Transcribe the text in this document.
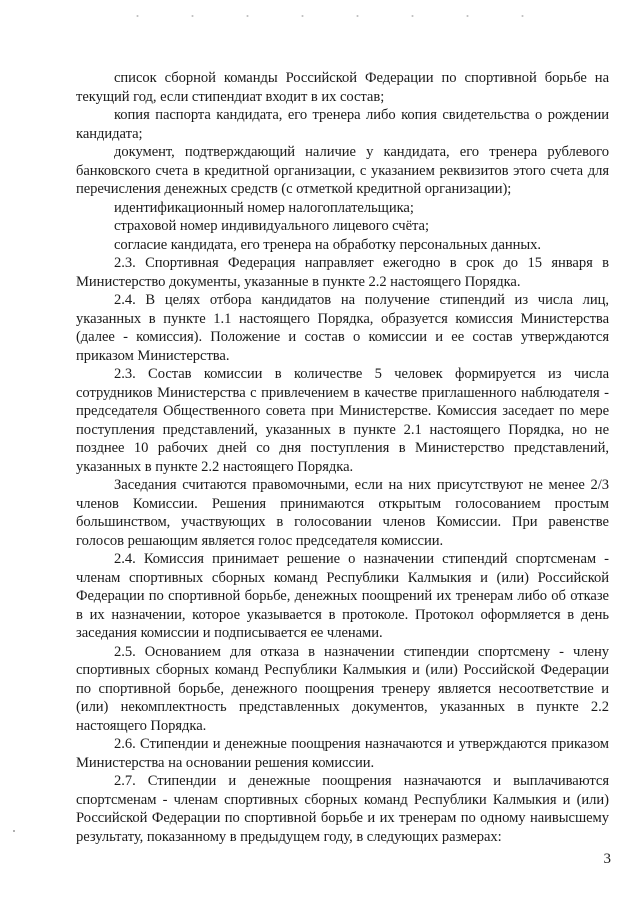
список сборной команды Российской Федерации по спортивной борьбе на текущий год, если стипендиат входит в их состав;

копия паспорта кандидата, его тренера либо копия свидетельства о рождении кандидата;

документ, подтверждающий наличие у кандидата, его тренера рублевого банковского счета в кредитной организации, с указанием реквизитов этого счета для перечисления денежных средств (с отметкой кредитной организации);

идентификационный номер налогоплательщика;

страховой номер индивидуального лицевого счёта;

согласие кандидата, его тренера на обработку персональных данных.

2.3. Спортивная Федерация направляет ежегодно в срок до 15 января в Министерство документы, указанные в пункте 2.2 настоящего Порядка.

2.4. В целях отбора кандидатов на получение стипендий из числа лиц, указанных в пункте 1.1 настоящего Порядка, образуется комиссия Министерства (далее - комиссия). Положение и состав о комиссии и ее состав утверждаются приказом Министерства.

2.3. Состав комиссии в количестве 5 человек формируется из числа сотрудников Министерства с привлечением в качестве приглашенного наблюдателя - председателя Общественного совета при Министерстве. Комиссия заседает по мере поступления представлений, указанных в пункте 2.1 настоящего Порядка, но не позднее 10 рабочих дней со дня поступления в Министерство представлений, указанных в пункте 2.2 настоящего Порядка.

Заседания считаются правомочными, если на них присутствуют не менее 2/3 членов Комиссии. Решения принимаются открытым голосованием простым большинством, участвующих в голосовании членов Комиссии. При равенстве голосов решающим является голос председателя комиссии.

2.4. Комиссия принимает решение о назначении стипендий спортсменам - членам спортивных сборных команд Республики Калмыкия и (или) Российской Федерации по спортивной борьбе, денежных поощрений их тренерам либо об отказе в их назначении, которое указывается в протоколе. Протокол оформляется в день заседания комиссии и подписывается ее членами.

2.5. Основанием для отказа в назначении стипендии спортсмену - члену спортивных сборных команд Республики Калмыкия и (или) Российской Федерации по спортивной борьбе, денежного поощрения тренеру является несоответствие и (или) некомплектность представленных документов, указанных в пункте 2.2 настоящего Порядка.

2.6. Стипендии и денежные поощрения назначаются и утверждаются приказом Министерства на основании решения комиссии.

2.7. Стипендии и денежные поощрения назначаются и выплачиваются спортсменам - членам спортивных сборных команд Республики Калмыкия и (или) Российской Федерации по спортивной борьбе и их тренерам по одному наивысшему результату, показанному в предыдущем году, в следующих размерах:

3
